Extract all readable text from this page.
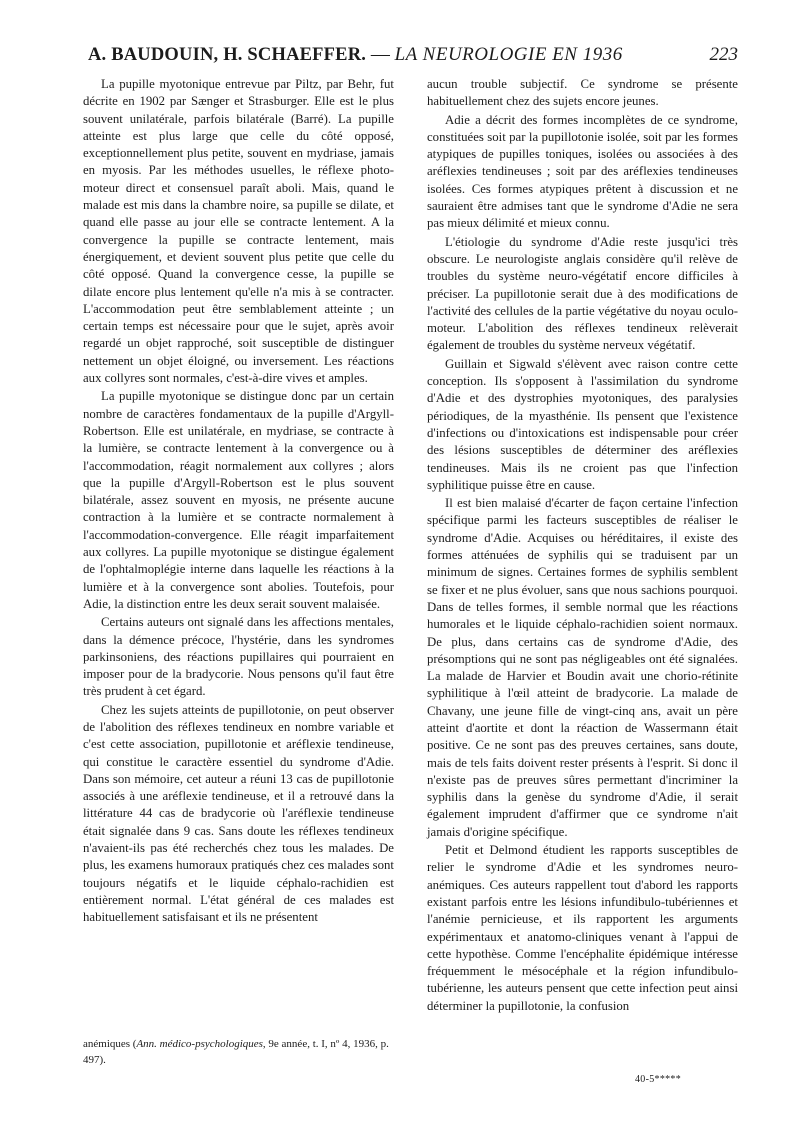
A. BAUDOUIN, H. SCHAEFFER. — LA NEUROLOGIE EN 1936	223

La pupille myotonique entrevue par Piltz, par Behr, fut décrite en 1902 par Sænger et Strasburger. Elle est le plus souvent unilatérale, parfois bilatérale (Barré). La pupille atteinte est plus large que celle du côté opposé, exceptionnellement plus petite, souvent en mydriase, jamais en myosis. Par les méthodes usuelles, le réflexe photo-moteur direct et consensuel paraît aboli. Mais, quand le malade est mis dans la chambre noire, sa pupille se dilate, et quand elle passe au jour elle se contracte lentement. A la convergence la pupille se contracte lentement, mais énergiquement, et devient souvent plus petite que celle du côté opposé. Quand la convergence cesse, la pupille se dilate encore plus lentement qu'elle n'a mis à se contracter. L'accommodation peut être semblablement atteinte ; un certain temps est nécessaire pour que le sujet, après avoir regardé un objet rapproché, soit susceptible de distinguer nettement un objet éloigné, ou inversement. Les réactions aux collyres sont normales, c'est-à-dire vives et amples.

La pupille myotonique se distingue donc par un certain nombre de caractères fondamentaux de la pupille d'Argyll-Robertson. Elle est unilatérale, en mydriase, se contracte à la lumière, se contracte lentement à la convergence ou à l'accommodation, réagit normalement aux collyres ; alors que la pupille d'Argyll-Robertson est le plus souvent bilatérale, assez souvent en myosis, ne présente aucune contraction à la lumière et se contracte normalement à l'accommodation-convergence. Elle réagit imparfaitement aux collyres. La pupille myotonique se distingue également de l'ophtalmoplégie interne dans laquelle les réactions à la lumière et à la convergence sont abolies. Toutefois, pour Adie, la distinction entre les deux serait souvent malaisée.

Certains auteurs ont signalé dans les affections mentales, dans la démence précoce, l'hystérie, dans les syndromes parkinsoniens, des réactions pupillaires qui pourraient en imposer pour de la bradycorie. Nous pensons qu'il faut être très prudent à cet égard.

Chez les sujets atteints de pupillotonie, on peut observer de l'abolition des réflexes tendineux en nombre variable et c'est cette association, pupillotonie et aréflexie tendineuse, qui constitue le caractère essentiel du syndrome d'Adie. Dans son mémoire, cet auteur a réuni 13 cas de pupillotonie associés à une aréflexie tendineuse, et il a retrouvé dans la littérature 44 cas de bradycorie où l'aréflexie tendineuse était signalée dans 9 cas. Sans doute les réflexes tendineux n'avaient-ils pas été recherchés chez tous les malades. De plus, les examens humoraux pratiqués chez ces malades sont toujours négatifs et le liquide céphalo-rachidien est entièrement normal. L'état général de ces malades est habituellement satisfaisant et ils ne présentent

aucun trouble subjectif. Ce syndrome se présente habituellement chez des sujets encore jeunes.

Adie a décrit des formes incomplètes de ce syndrome, constituées soit par la pupillotonie isolée, soit par les formes atypiques de pupilles toniques, isolées ou associées à des aréflexies tendineuses ; soit par des aréflexies tendineuses isolées. Ces formes atypiques prêtent à discussion et ne sauraient être admises tant que le syndrome d'Adie ne sera pas mieux délimité et mieux connu.

L'étiologie du syndrome d'Adie reste jusqu'ici très obscure. Le neurologiste anglais considère qu'il relève de troubles du système neuro-végétatif encore difficiles à préciser. La pupillotonie serait due à des modifications de l'activité des cellules de la partie végétative du noyau oculo-moteur. L'abolition des réflexes tendineux relèverait également de troubles du système nerveux végétatif.

Guillain et Sigwald s'élèvent avec raison contre cette conception. Ils s'opposent à l'assimilation du syndrome d'Adie et des dystrophies myotoniques, des paralysies périodiques, de la myasthénie. Ils pensent que l'existence d'infections ou d'intoxications est indispensable pour créer des lésions susceptibles de déterminer des aréflexies tendineuses. Mais ils ne croient pas que l'infection syphilitique puisse être en cause.

Il est bien malaisé d'écarter de façon certaine l'infection spécifique parmi les facteurs susceptibles de réaliser le syndrome d'Adie. Acquises ou héréditaires, il existe des formes atténuées de syphilis qui se traduisent par un minimum de signes. Certaines formes de syphilis semblent se fixer et ne plus évoluer, sans que nous sachions pourquoi. Dans de telles formes, il semble normal que les réactions humorales et le liquide céphalo-rachidien soient normaux. De plus, dans certains cas de syndrome d'Adie, des présomptions qui ne sont pas négligeables ont été signalées. La malade de Harvier et Boudin avait une chorio-rétinite syphilitique à l'œil atteint de bradycorie. La malade de Chavany, une jeune fille de vingt-cinq ans, avait un père atteint d'aortite et dont la réaction de Wassermann était positive. Ce ne sont pas des preuves certaines, sans doute, mais de tels faits doivent rester présents à l'esprit. Si donc il n'existe pas de preuves sûres permettant d'incriminer la syphilis dans la genèse du syndrome d'Adie, il serait également imprudent d'affirmer que ce syndrome n'ait jamais d'origine spécifique.

Petit et Delmond étudient les rapports susceptibles de relier le syndrome d'Adie et les syndromes neuro-anémiques. Ces auteurs rappellent tout d'abord les rapports existant parfois entre les lésions infundibulo-tubériennes et l'anémie pernicieuse, et ils rapportent les arguments expérimentaux et anatomo-cliniques venant à l'appui de cette hypothèse. Comme l'encéphalite épidémique intéresse fréquemment le mésocéphale et la région infundibulo-tubérienne, les auteurs pensent que cette infection peut ainsi déterminer la pupillotonie, la confusion

anémiques (Ann. médico-psychologiques, 9e année, t. I, nº 4, 1936, p. 497).
40-5*****
